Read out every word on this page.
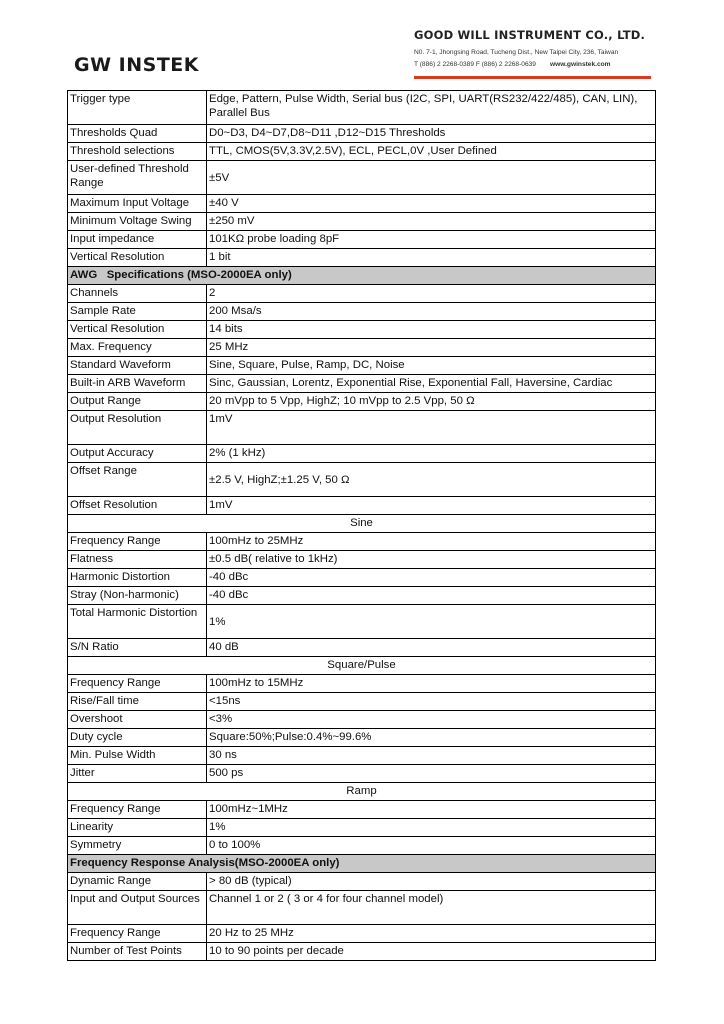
GW INSTEK
GOOD WILL INSTRUMENT CO., LTD.
N0. 7-1, Jhongsing Road, Tucheng Dist., New Taipei City, 236, Taiwan
T (886) 2 2268-0389 F (886) 2 2268-0639 www.gwinstek.com
Trigger type	Edge, Pattern, Pulse Width, Serial bus (I2C, SPI, UART(RS232/422/485), CAN, LIN), Parallel Bus
Thresholds Quad	D0~D3, D4~D7,D8~D11 ,D12~D15 Thresholds
Threshold selections	TTL, CMOS(5V,3.3V,2.5V), ECL, PECL,0V ,User Defined
User-defined Threshold Range	±5V
Maximum Input Voltage	±40 V
Minimum Voltage Swing	±250 mV
Input impedance	101KΩ probe loading 8pF
Vertical Resolution	1 bit
AWG   Specifications (MSO-2000EA only)	
Channels	2
Sample Rate	200 Msa/s
Vertical Resolution	14 bits
Max. Frequency	25 MHz
Standard Waveform	Sine, Square, Pulse, Ramp, DC, Noise
Built-in ARB Waveform	Sinc, Gaussian, Lorentz, Exponential Rise, Exponential Fall, Haversine, Cardiac
Output Range	20 mVpp to 5 Vpp, HighZ; 10 mVpp to 2.5 Vpp, 50 Ω
Output Resolution	1mV
Output Accuracy	2% (1 kHz)
Offset Range	±2.5 V, HighZ;±1.25 V, 50 Ω
Offset Resolution	1mV
Sine	
Frequency Range	100mHz to 25MHz
Flatness	±0.5 dB( relative to 1kHz)
Harmonic Distortion	-40 dBc
Stray (Non-harmonic)	-40 dBc
Total Harmonic Distortion	1%
S/N Ratio	40 dB
Square/Pulse	
Frequency Range	100mHz to 15MHz
Rise/Fall time	<15ns
Overshoot	<3%
Duty cycle	Square:50%;Pulse:0.4%~99.6%
Min. Pulse Width	30 ns
Jitter	500 ps
Ramp	
Frequency Range	100mHz~1MHz
Linearity	1%
Symmetry	0 to 100%
Frequency Response Analysis(MSO-2000EA only)	
Dynamic Range	> 80 dB (typical)
Input and Output Sources	Channel 1 or 2 ( 3 or 4 for four channel model)
Frequency Range	20 Hz to 25 MHz
Number of Test Points	10 to 90 points per decade
